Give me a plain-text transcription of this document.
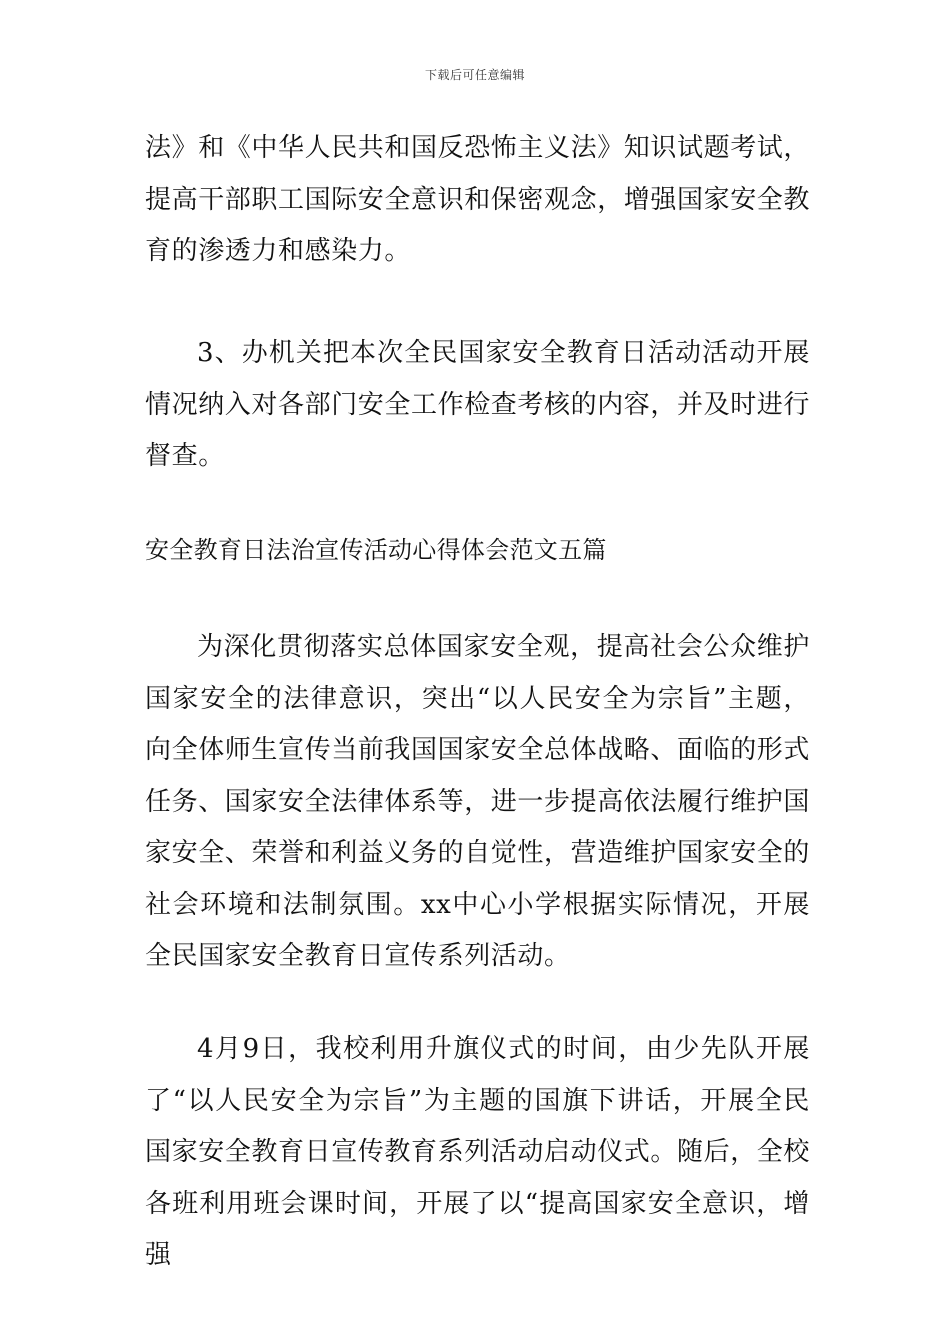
下载后可任意编辑

法》和《中华人民共和国反恐怖主义法》知识试题考试，提高干部职工国际安全意识和保密观念，增强国家安全教育的渗透力和感染力。

3、办机关把本次全民国家安全教育日活动活动开展情况纳入对各部门安全工作检查考核的内容，并及时进行督查。

安全教育日法治宣传活动心得体会范文五篇

为深化贯彻落实总体国家安全观，提高社会公众维护国家安全的法律意识，突出“以人民安全为宗旨”主题，向全体师生宣传当前我国国家安全总体战略、面临的形式任务、国家安全法律体系等，进一步提高依法履行维护国家安全、荣誉和利益义务的自觉性，营造维护国家安全的社会环境和法制氛围。xx中心小学根据实际情况，开展全民国家安全教育日宣传系列活动。

4月9日，我校利用升旗仪式的时间，由少先队开展了“以人民安全为宗旨”为主题的国旗下讲话，开展全民国家安全教育日宣传教育系列活动启动仪式。随后，全校各班利用班会课时间，开展了以“提高国家安全意识，增强
